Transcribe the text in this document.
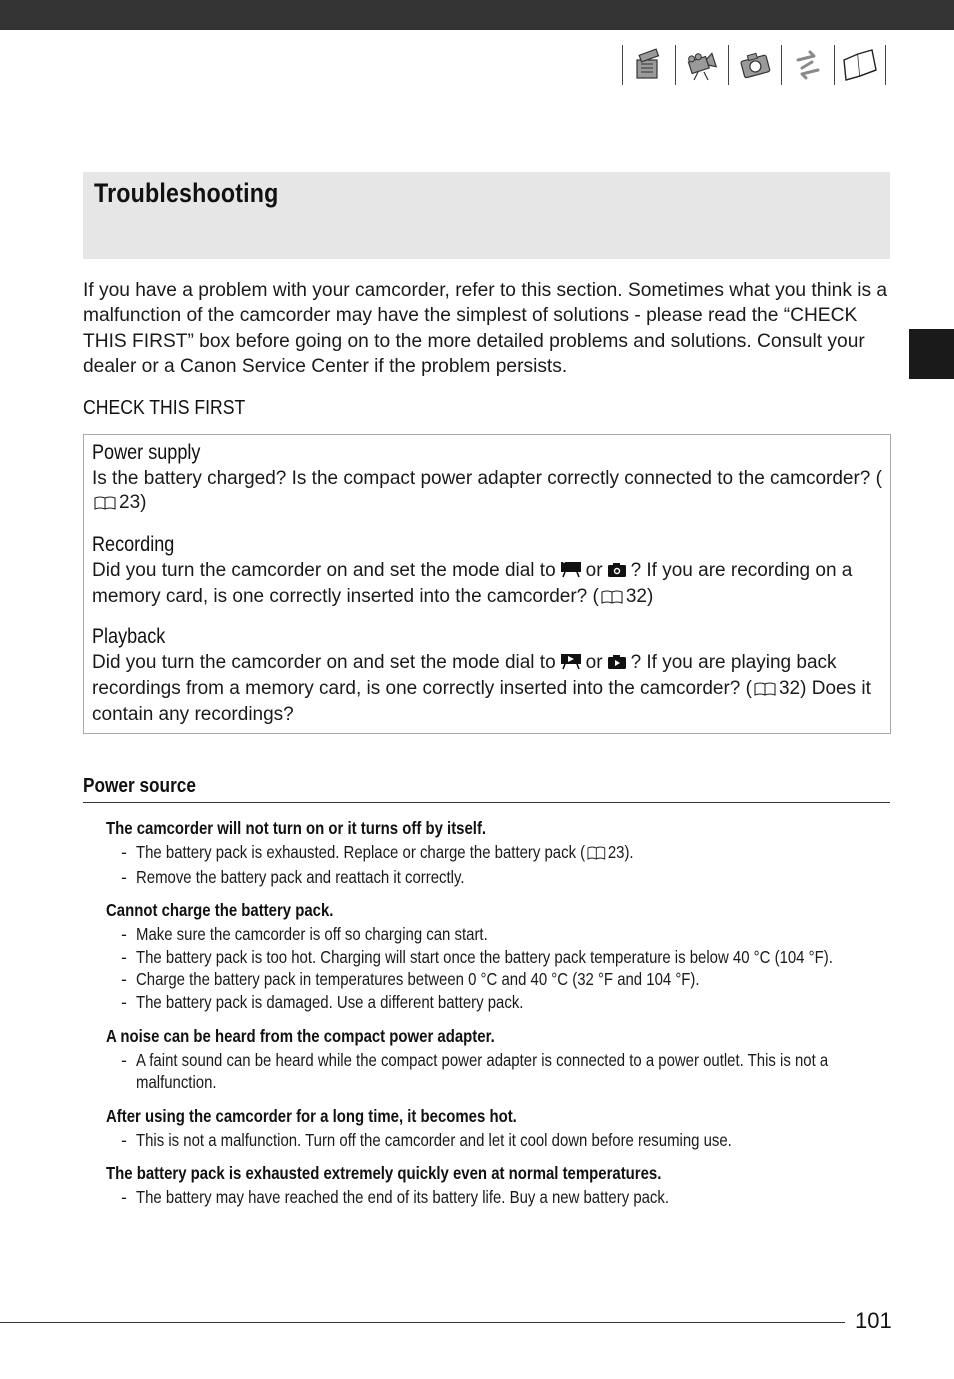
Troubleshooting

If you have a problem with your camcorder, refer to this section. Sometimes what you think is a malfunction of the camcorder may have the simplest of solutions - please read the “CHECK THIS FIRST” box before going on to the more detailed problems and solutions. Consult your dealer or a Canon Service Center if the problem persists.

CHECK THIS FIRST
Power supply
Is the battery charged? Is the compact power adapter correctly connected to the camcorder? (23)
Recording
Did you turn the camcorder on and set the mode dial to or ? If you are recording on a memory card, is one correctly inserted into the camcorder? ( 32)
Playback
Did you turn the camcorder on and set the mode dial to or ? If you are playing back recordings from a memory card, is one correctly inserted into the camcorder? ( 32) Does it contain any recordings?
Power source
The camcorder will not turn on or it turns off by itself.
- The battery pack is exhausted. Replace or charge the battery pack ( 23).
- Remove the battery pack and reattach it correctly.
Cannot charge the battery pack.
- Make sure the camcorder is off so charging can start.
- The battery pack is too hot. Charging will start once the battery pack temperature is below 40 °C (104 °F).
- Charge the battery pack in temperatures between 0 °C and 40 °C (32 °F and 104 °F).
- The battery pack is damaged. Use a different battery pack.
A noise can be heard from the compact power adapter.
- A faint sound can be heard while the compact power adapter is connected to a power outlet. This is not a malfunction.
After using the camcorder for a long time, it becomes hot.
- This is not a malfunction. Turn off the camcorder and let it cool down before resuming use.
The battery pack is exhausted extremely quickly even at normal temperatures.
- The battery may have reached the end of its battery life. Buy a new battery pack.
101
